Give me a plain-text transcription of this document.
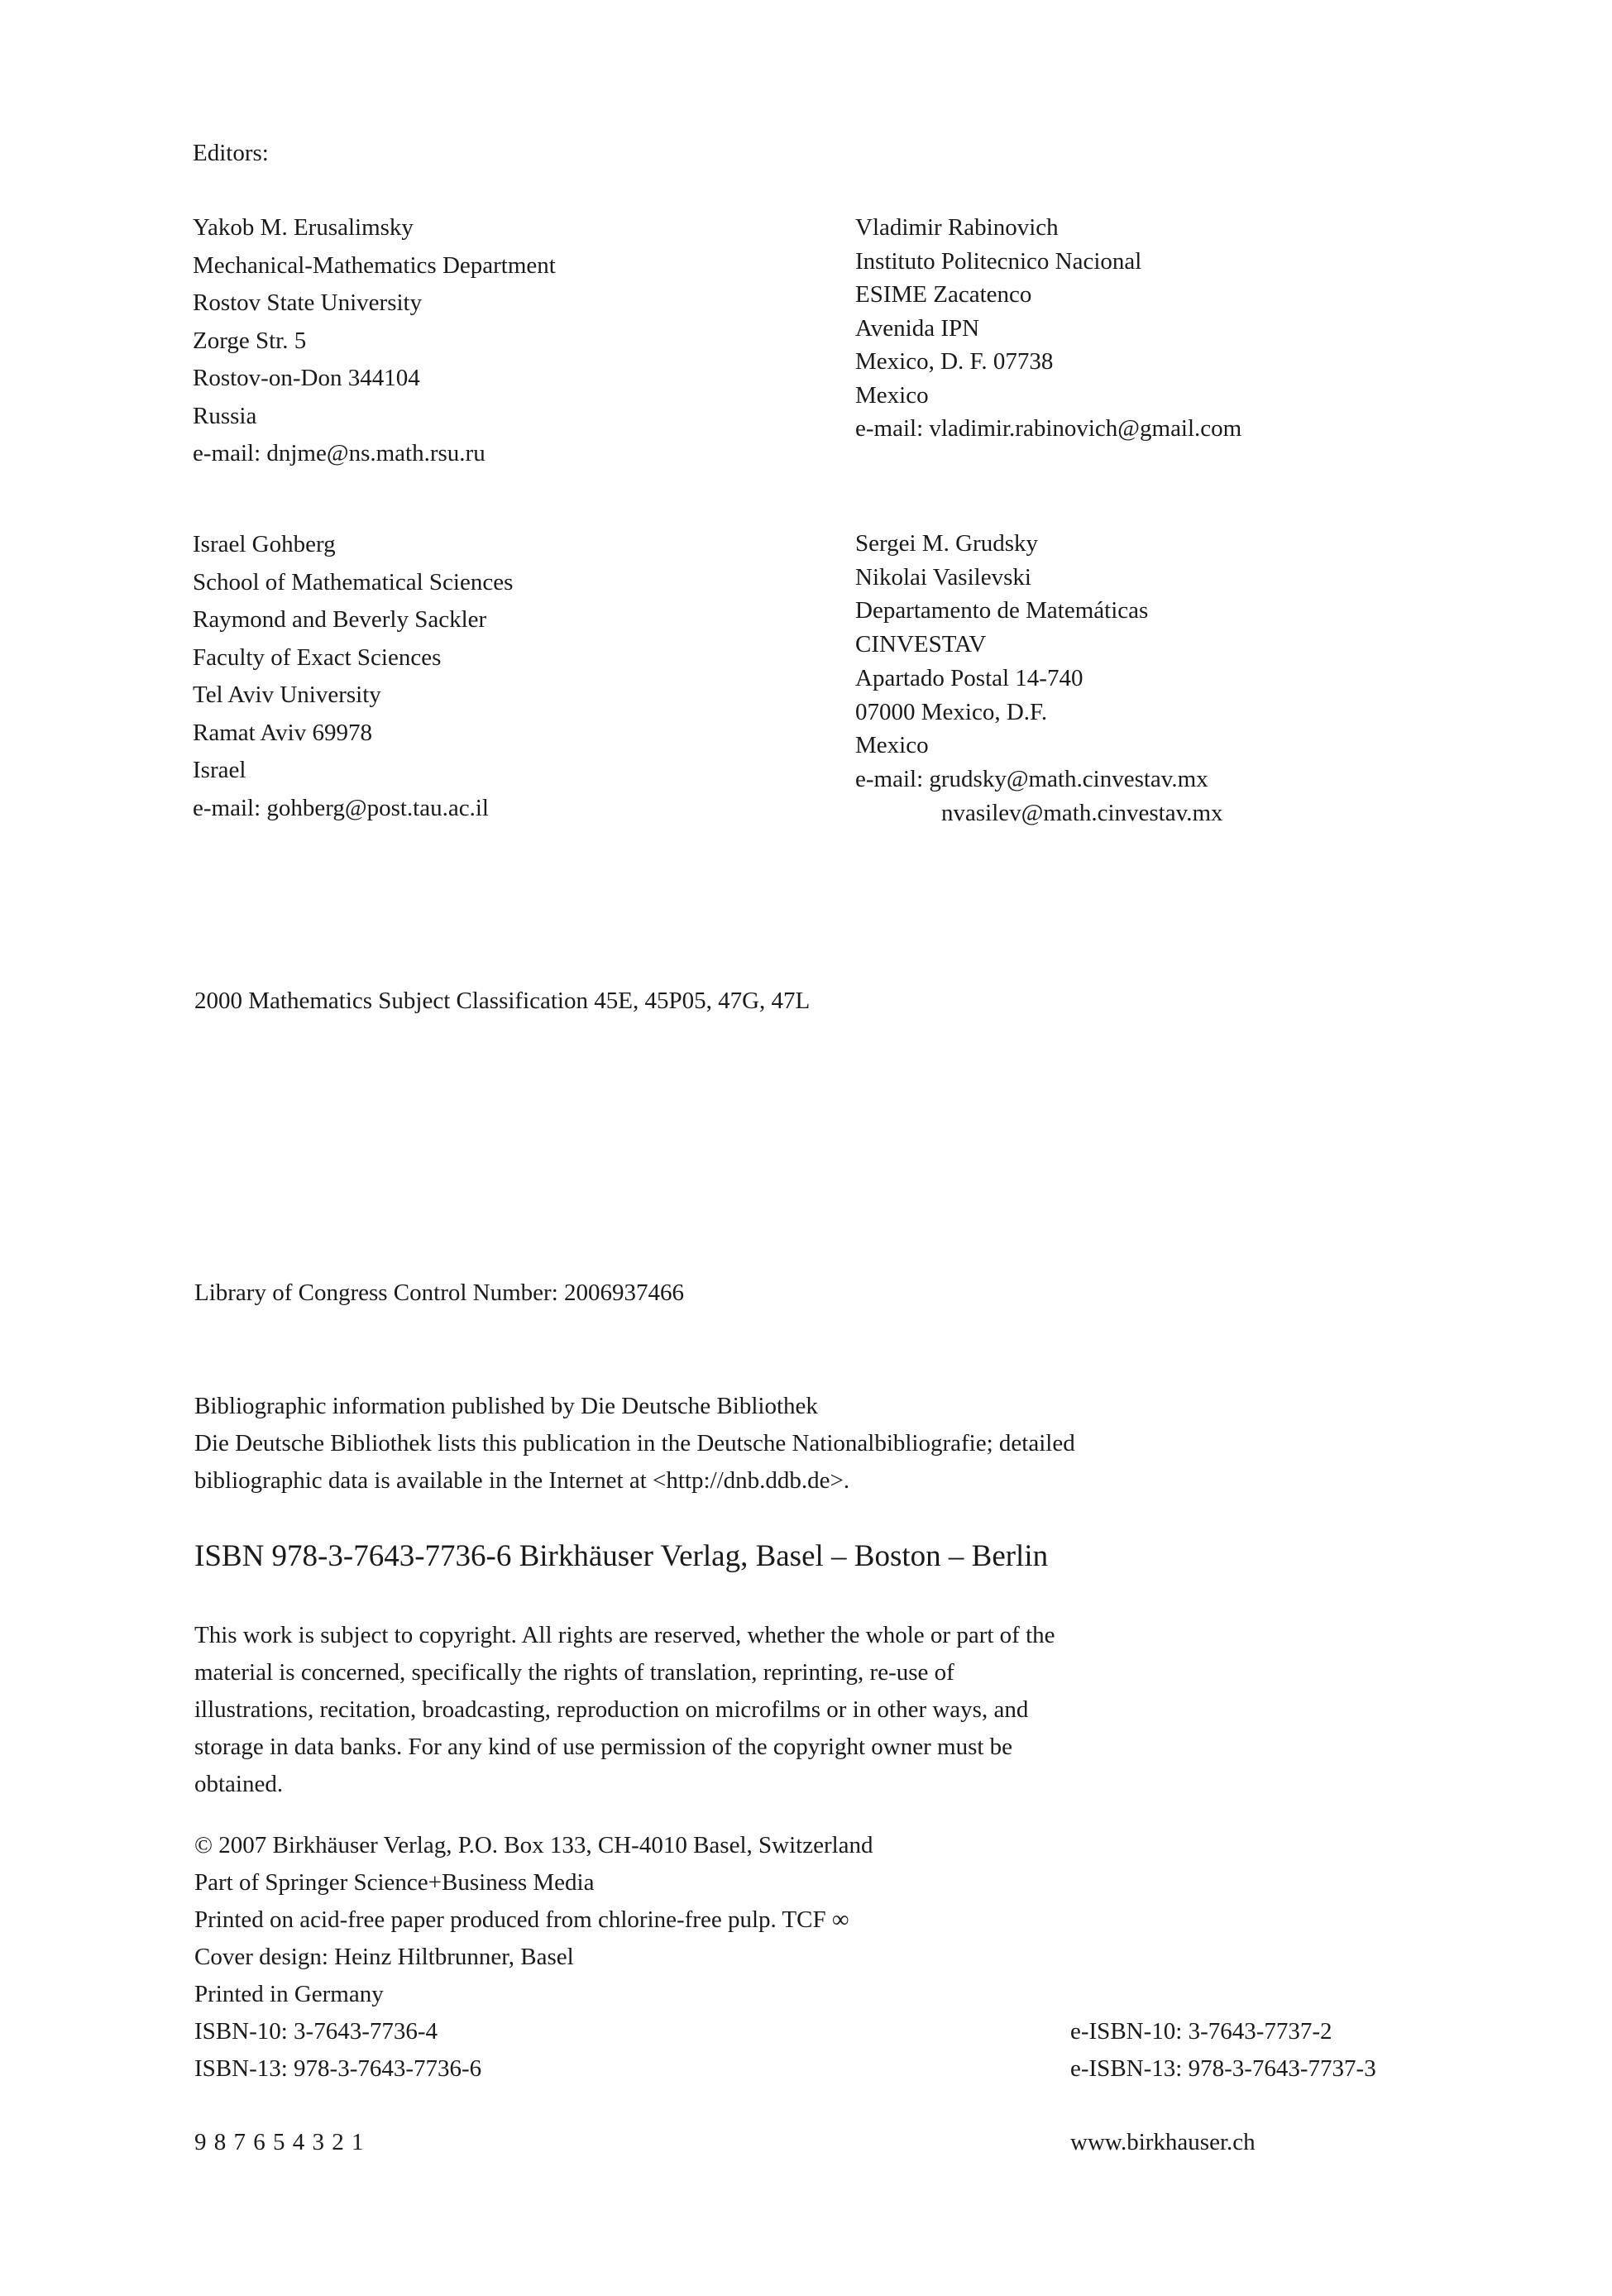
Editors:
Yakob M. Erusalimsky
Mechanical-Mathematics Department
Rostov State University
Zorge Str. 5
Rostov-on-Don 344104
Russia
e-mail: dnjme@ns.math.rsu.ru
Vladimir Rabinovich
Instituto Politecnico Nacional
ESIME Zacatenco
Avenida IPN
Mexico, D. F. 07738
Mexico
e-mail: vladimir.rabinovich@gmail.com
Israel Gohberg
School of Mathematical Sciences
Raymond and Beverly Sackler
Faculty of Exact Sciences
Tel Aviv University
Ramat Aviv 69978
Israel
e-mail: gohberg@post.tau.ac.il
Sergei M. Grudsky
Nikolai Vasilevski
Departamento de Matemáticas
CINVESTAV
Apartado Postal 14-740
07000 Mexico, D.F.
Mexico
e-mail: grudsky@math.cinvestav.mx
nvasilev@math.cinvestav.mx
2000 Mathematics Subject Classification 45E, 45P05, 47G, 47L
Library of Congress Control Number: 2006937466
Bibliographic information published by Die Deutsche Bibliothek
Die Deutsche Bibliothek lists this publication in the Deutsche Nationalbibliografie; detailed
bibliographic data is available in the Internet at <http://dnb.ddb.de>.
ISBN 978-3-7643-7736-6 Birkhäuser Verlag, Basel – Boston – Berlin
This work is subject to copyright. All rights are reserved, whether the whole or part of the
material is concerned, specifically the rights of translation, reprinting, re-use of
illustrations, recitation, broadcasting, reproduction on microfilms or in other ways, and
storage in data banks. For any kind of use permission of the copyright owner must be
obtained.
© 2007 Birkhäuser Verlag, P.O. Box 133, CH-4010 Basel, Switzerland
Part of Springer Science+Business Media
Printed on acid-free paper produced from chlorine-free pulp. TCF ∞
Cover design: Heinz Hiltbrunner, Basel
Printed in Germany
ISBN-10: 3-7643-7736-4
ISBN-13: 978-3-7643-7736-6
e-ISBN-10: 3-7643-7737-2
e-ISBN-13: 978-3-7643-7737-3
9 8 7 6 5 4 3 2 1	www.birkhauser.ch
